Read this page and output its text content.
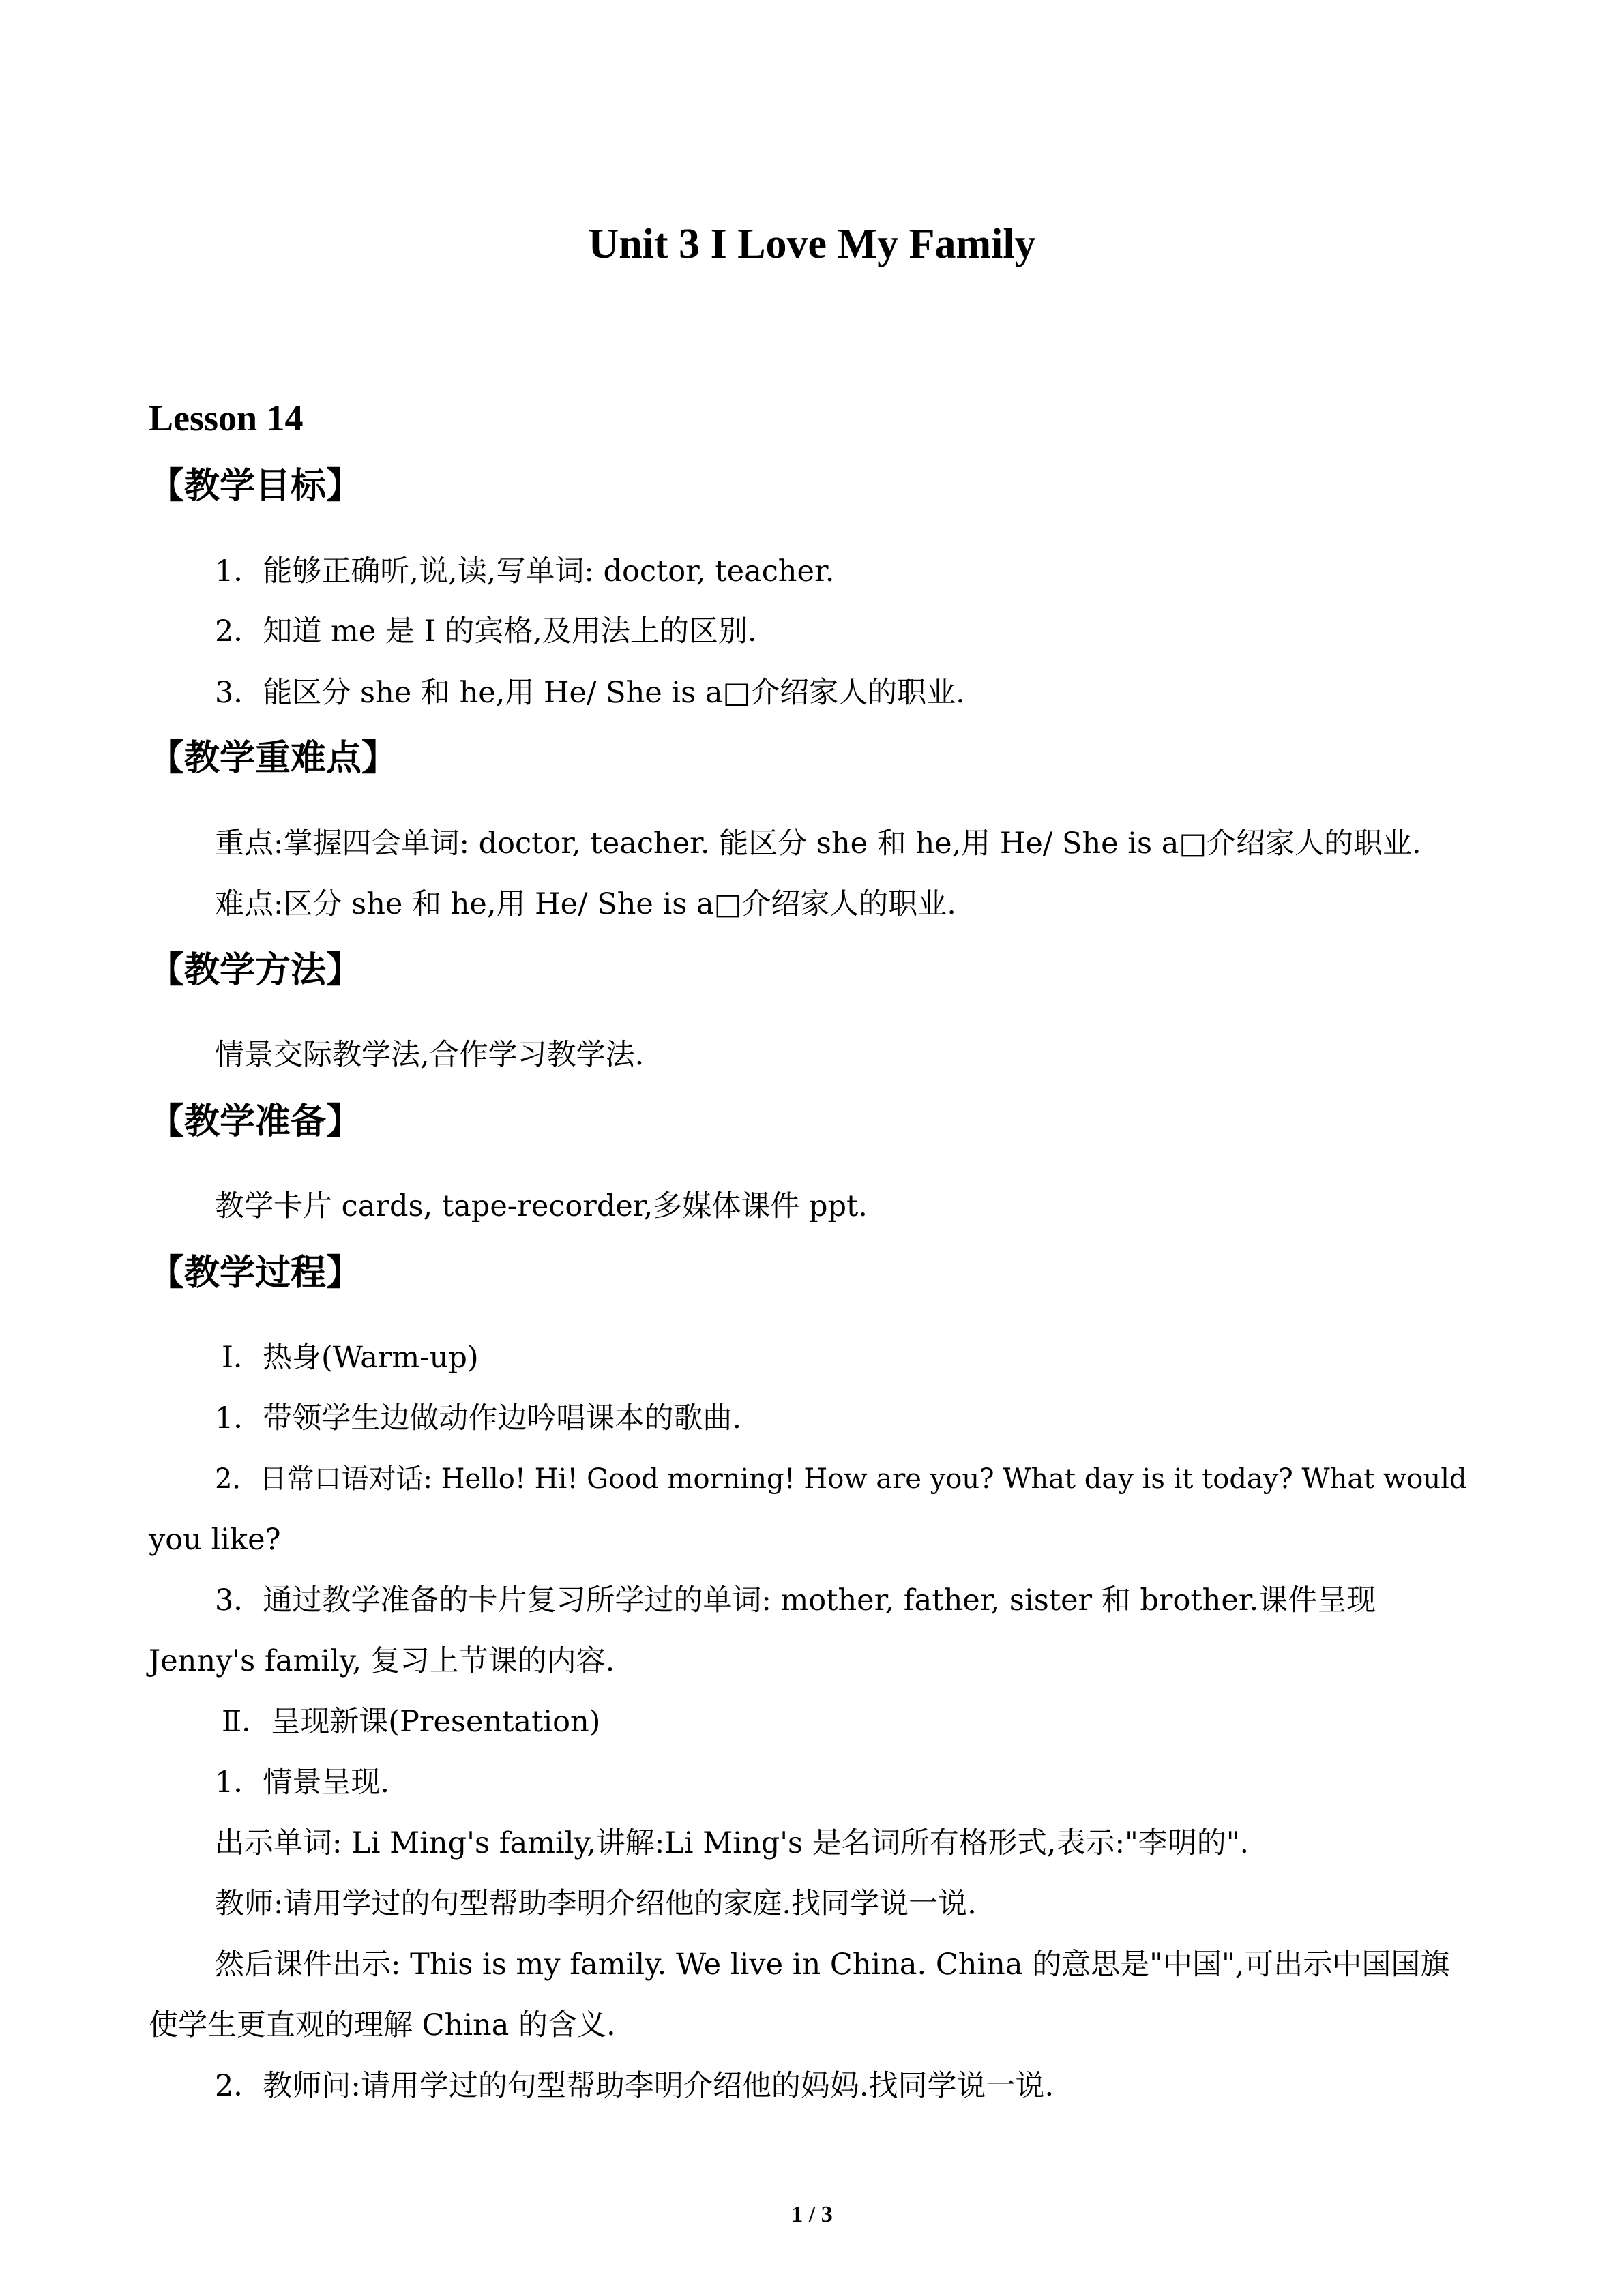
Unit 3 I Love My Family
Lesson 14
【教学目标】
1．能够正确听,说,读,写单词: doctor, teacher.
2．知道 me 是 I 的宾格,及用法上的区别.
3．能区分 she 和 he,用 He/ She is a□介绍家人的职业.
【教学重难点】
重点:掌握四会单词: doctor, teacher. 能区分 she 和 he,用 He/ She is a□介绍家人的职业.
难点:区分 she 和 he,用 He/ She is a□介绍家人的职业.
【教学方法】
情景交际教学法,合作学习教学法.
【教学准备】
教学卡片 cards, tape-recorder,多媒体课件 ppt.
【教学过程】
Ⅰ．热身(Warm-up)
1．带领学生边做动作边吟唱课本的歌曲.
2．日常口语对话: Hello! Hi! Good morning! How are you? What day is it today? What would
you like?
3．通过教学准备的卡片复习所学过的单词: mother, father, sister 和 brother.课件呈现
Jenny's family, 复习上节课的内容.
Ⅱ．呈现新课(Presentation)
1．情景呈现.
出示单词: Li Ming's family,讲解:Li Ming's 是名词所有格形式,表示:"李明的".
教师:请用学过的句型帮助李明介绍他的家庭.找同学说一说.
然后课件出示: This is my family. We live in China. China 的意思是"中国",可出示中国国旗
使学生更直观的理解 China 的含义.
2．教师问:请用学过的句型帮助李明介绍他的妈妈.找同学说一说.
1 / 3
